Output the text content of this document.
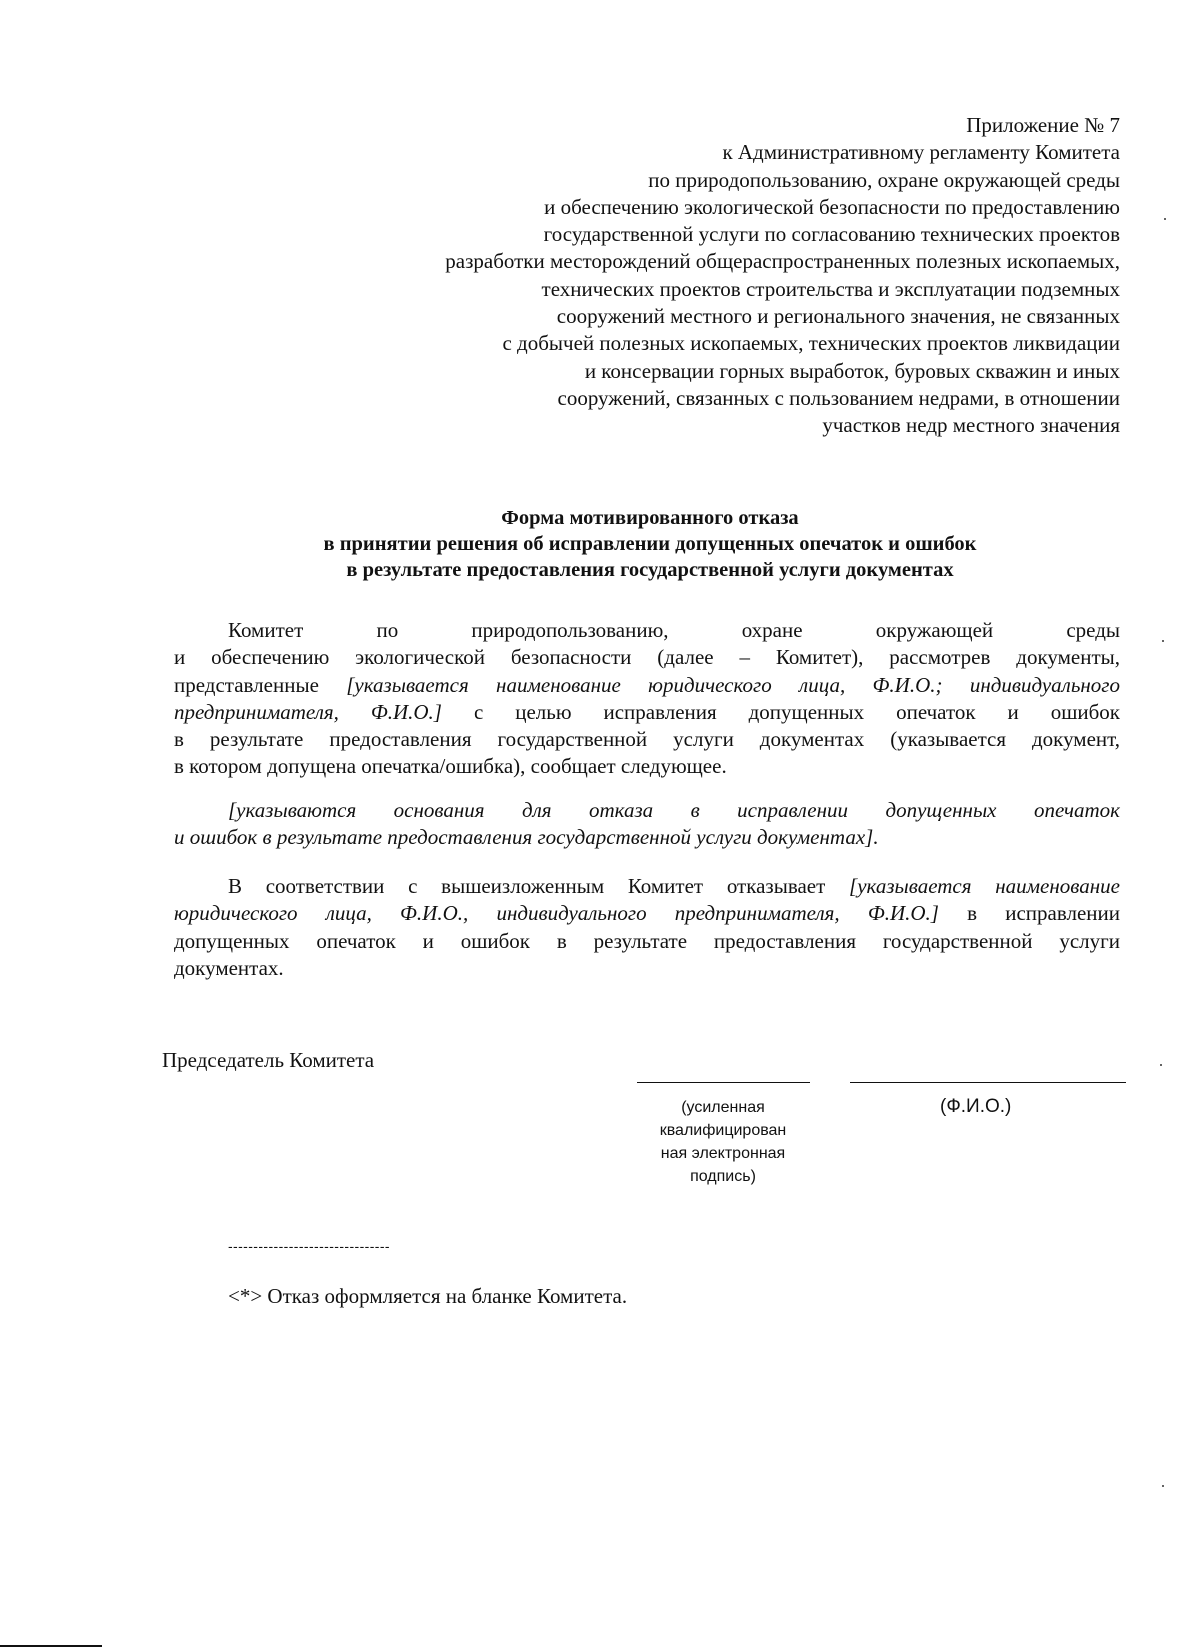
Приложение № 7
к Административному регламенту Комитета
по природопользованию, охране окружающей среды
и обеспечению экологической безопасности по предоставлению
государственной услуги по согласованию технических проектов
разработки месторождений общераспространенных полезных ископаемых,
технических проектов строительства и эксплуатации подземных
сооружений местного и регионального значения, не связанных
с добычей полезных ископаемых, технических проектов ликвидации
и консервации горных выработок, буровых скважин и иных
сооружений, связанных с пользованием недрами, в отношении
участков недр местного значения
Форма мотивированного отказа
в принятии решения об исправлении допущенных опечаток и ошибок
в результате предоставления государственной услуги документах
Комитет по природопользованию, охране окружающей среды
и обеспечению экологической безопасности (далее – Комитет), рассмотрев документы,
представленные [указывается наименование юридического лица, Ф.И.О.; индивидуального
предпринимателя, Ф.И.О.] с целью исправления допущенных опечаток и ошибок
в результате предоставления государственной услуги документах (указывается документ,
в котором допущена опечатка/ошибка), сообщает следующее.
[указываются основания для отказа в исправлении допущенных опечаток
и ошибок в результате предоставления государственной услуги документах].
В соответствии с вышеизложенным Комитет отказывает [указывается наименование
юридического лица, Ф.И.О., индивидуального предпринимателя, Ф.И.О.] в исправлении
допущенных опечаток и ошибок в результате предоставления государственной услуги
документах.
Председатель Комитета
(усиленная
квалифицирован
ная электронная
подпись)
(Ф.И.О.)
--------------------------------
<*> Отказ оформляется на бланке Комитета.
